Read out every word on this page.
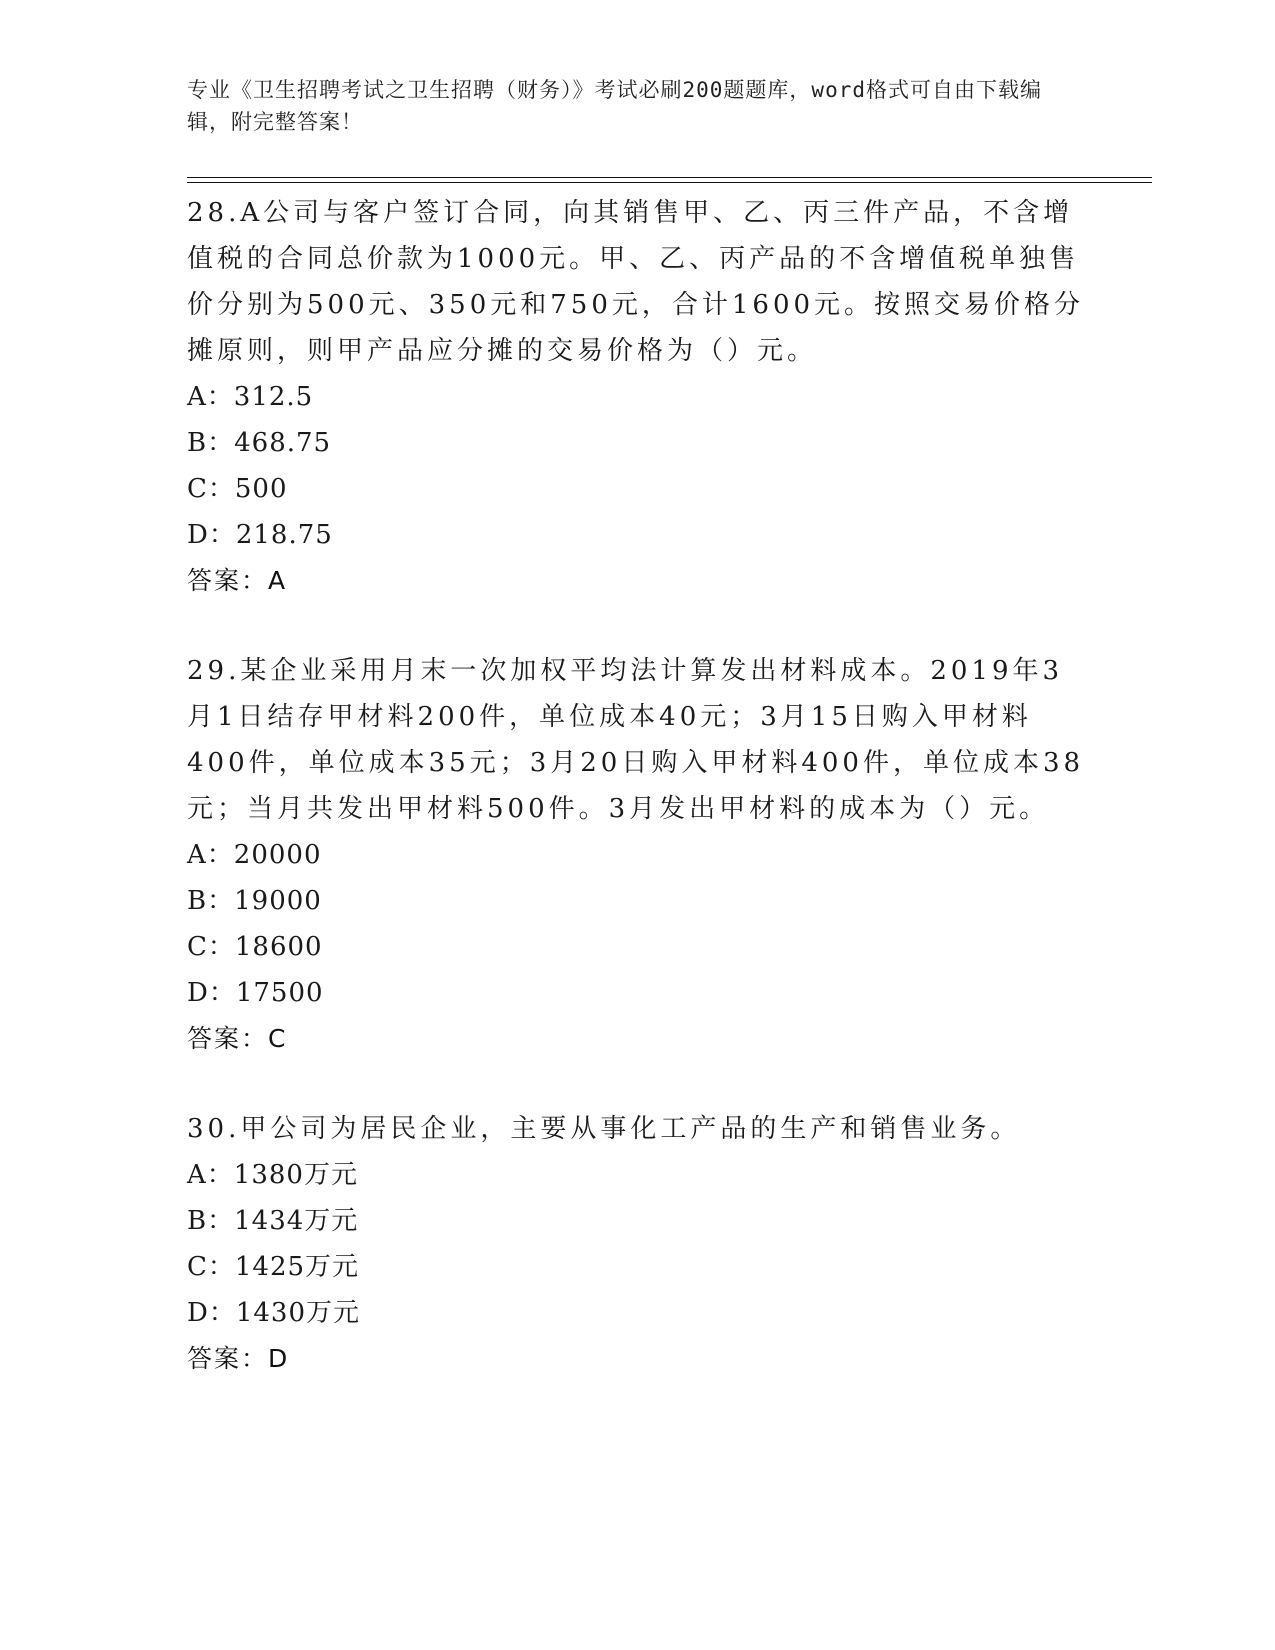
专业《卫生招聘考试之卫生招聘（财务）》考试必刷200题题库，word格式可自由下载编辑，附完整答案！

28.A公司与客户签订合同，向其销售甲、乙、丙三件产品，不含增值税的合同总价款为1000元。甲、乙、丙产品的不含增值税单独售价分别为500元、350元和750元，合计1600元。按照交易价格分摊原则，则甲产品应分摊的交易价格为（）元。

A：312.5

B：468.75

C：500

D：218.75

答案：A

29.某企业采用月末一次加权平均法计算发出材料成本。2019年3月1日结存甲材料200件，单位成本40元；3月15日购入甲材料400件，单位成本35元；3月20日购入甲材料400件，单位成本38元；当月共发出甲材料500件。3月发出甲材料的成本为（）元。

A：20000

B：19000

C：18600

D：17500

答案：C

30.甲公司为居民企业，主要从事化工产品的生产和销售业务。

A：1380万元

B：1434万元

C：1425万元

D：1430万元

答案：D
